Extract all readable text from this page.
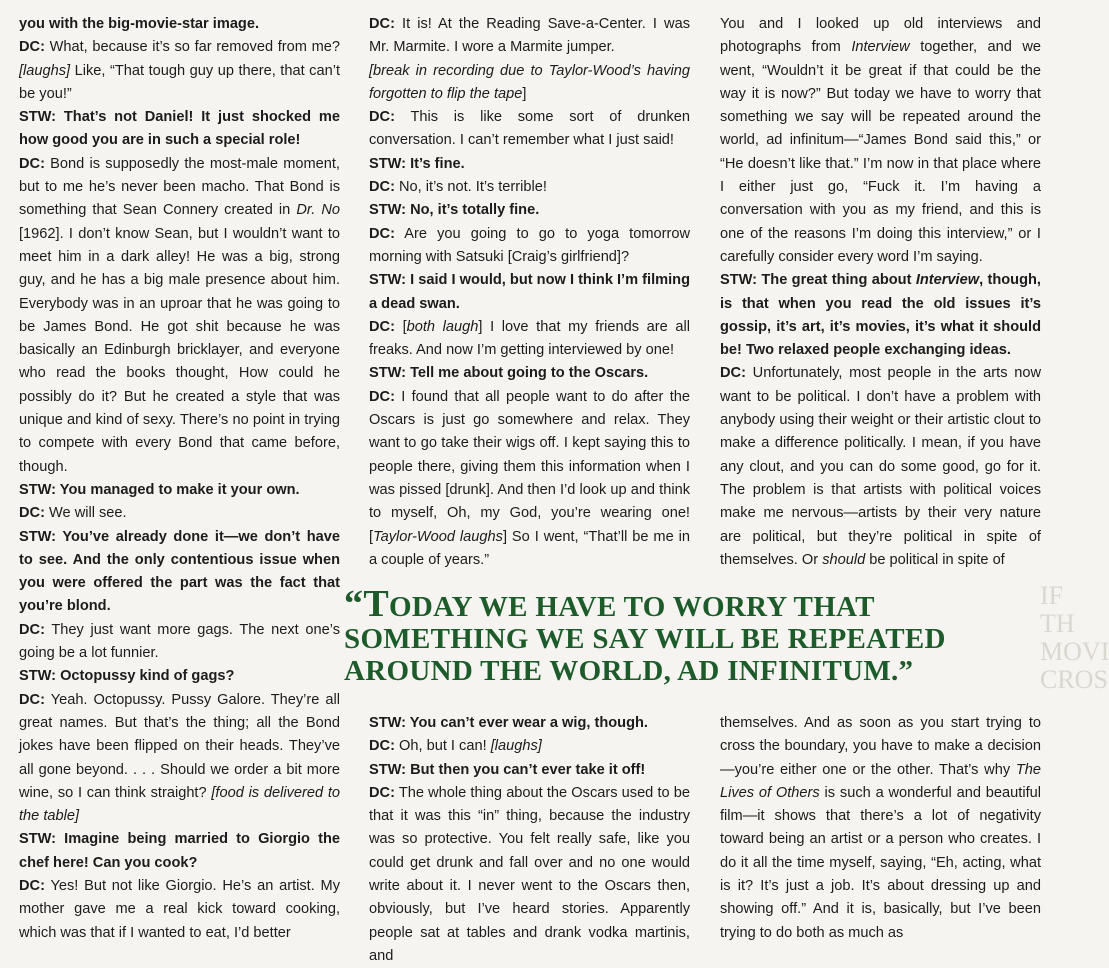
you with the big-movie-star image.

DC: What, because it’s so far removed from me? [laughs] Like, “That tough guy up there, that can’t be you!”

STW: That’s not Daniel! It just shocked me how good you are in such a special role!

DC: Bond is supposedly the most-male moment, but to me he’s never been macho. That Bond is something that Sean Connery created in Dr. No [1962]. I don’t know Sean, but I wouldn’t want to meet him in a dark alley! He was a big, strong guy, and he has a big male presence about him. Everybody was in an uproar that he was going to be James Bond. He got shit because he was basically an Edinburgh bricklayer, and everyone who read the books thought, How could he possibly do it? But he created a style that was unique and kind of sexy. There’s no point in trying to compete with every Bond that came before, though.

STW: You managed to make it your own.

DC: We will see.

STW: You’ve already done it—we don’t have to see. And the only contentious issue when you were offered the part was the fact that you’re blond.

DC: They just want more gags. The next one’s going be a lot funnier.

STW: Octopussy kind of gags?

DC: Yeah. Octopussy. Pussy Galore. They’re all great names. But that’s the thing; all the Bond jokes have been flipped on their heads. They’ve all gone beyond. . . . Should we order a bit more wine, so I can think straight? [food is delivered to the table]

STW: Imagine being married to Giorgio the chef here! Can you cook?

DC: Yes! But not like Giorgio. He’s an artist. My mother gave me a real kick toward cooking, which was that if I wanted to eat, I’d better

DC: It is! At the Reading Save-a-Center. I was Mr. Marmite. I wore a Marmite jumper.

[break in recording due to Taylor-Wood’s having forgotten to flip the tape]

DC: This is like some sort of drunken conversation. I can’t remember what I just said!

STW: It’s fine.

DC: No, it’s not. It’s terrible!

STW: No, it’s totally fine.

DC: Are you going to go to yoga tomorrow morning with Satsuki [Craig’s girlfriend]?

STW: I said I would, but now I think I’m filming a dead swan.

DC: [both laugh] I love that my friends are all freaks. And now I’m getting interviewed by one!

STW: Tell me about going to the Oscars.

DC: I found that all people want to do after the Oscars is just go somewhere and relax. They want to go take their wigs off. I kept saying this to people there, giving them this information when I was pissed [drunk]. And then I’d look up and think to myself, Oh, my God, you’re wearing one! [Taylor-Wood laughs] So I went, “That’ll be me in a couple of years.”

You and I looked up old interviews and photographs from Interview together, and we went, “Wouldn’t it be great if that could be the way it is now?” But today we have to worry that something we say will be repeated around the world, ad infinitum—“James Bond said this,” or “He doesn’t like that.” I’m now in that place where I either just go, “Fuck it. I’m having a conversation with you as my friend, and this is one of the reasons I’m doing this interview,” or I carefully consider every word I’m saying.

STW: The great thing about Interview, though, is that when you read the old issues it’s gossip, it’s art, it’s movies, it’s what it should be! Two relaxed people exchanging ideas.

DC: Unfortunately, most people in the arts now want to be political. I don’t have a problem with anybody using their weight or their artistic clout to make a difference politically. I mean, if you have any clout, and you can do some good, go for it. The problem is that artists with political voices make me nervous—artists by their very nature are political, but they’re political in spite of themselves. Or should be political in spite of

“TODAY WE HAVE TO WORRY THAT
SOMETHING WE SAY WILL BE REPEATED
AROUND THE WORLD, AD INFINITUM.”
IF TH MOVI CROS

STW: You can’t ever wear a wig, though.

DC: Oh, but I can! [laughs]

STW: But then you can’t ever take it off!

DC: The whole thing about the Oscars used to be that it was this “in” thing, because the industry was so protective. You felt really safe, like you could get drunk and fall over and no one would write about it. I never went to the Oscars then, obviously, but I’ve heard stories. Apparently people sat at tables and drank vodka martinis, and

themselves. And as soon as you start trying to cross the boundary, you have to make a decision—you’re either one or the other. That’s why The Lives of Others is such a wonderful and beautiful film—it shows that there’s a lot of negativity toward being an artist or a person who creates. I do it all the time myself, saying, “Eh, acting, what is it? It’s just a job. It’s about dressing up and showing off.” And it is, basically, but I’ve been trying to do both as much as
